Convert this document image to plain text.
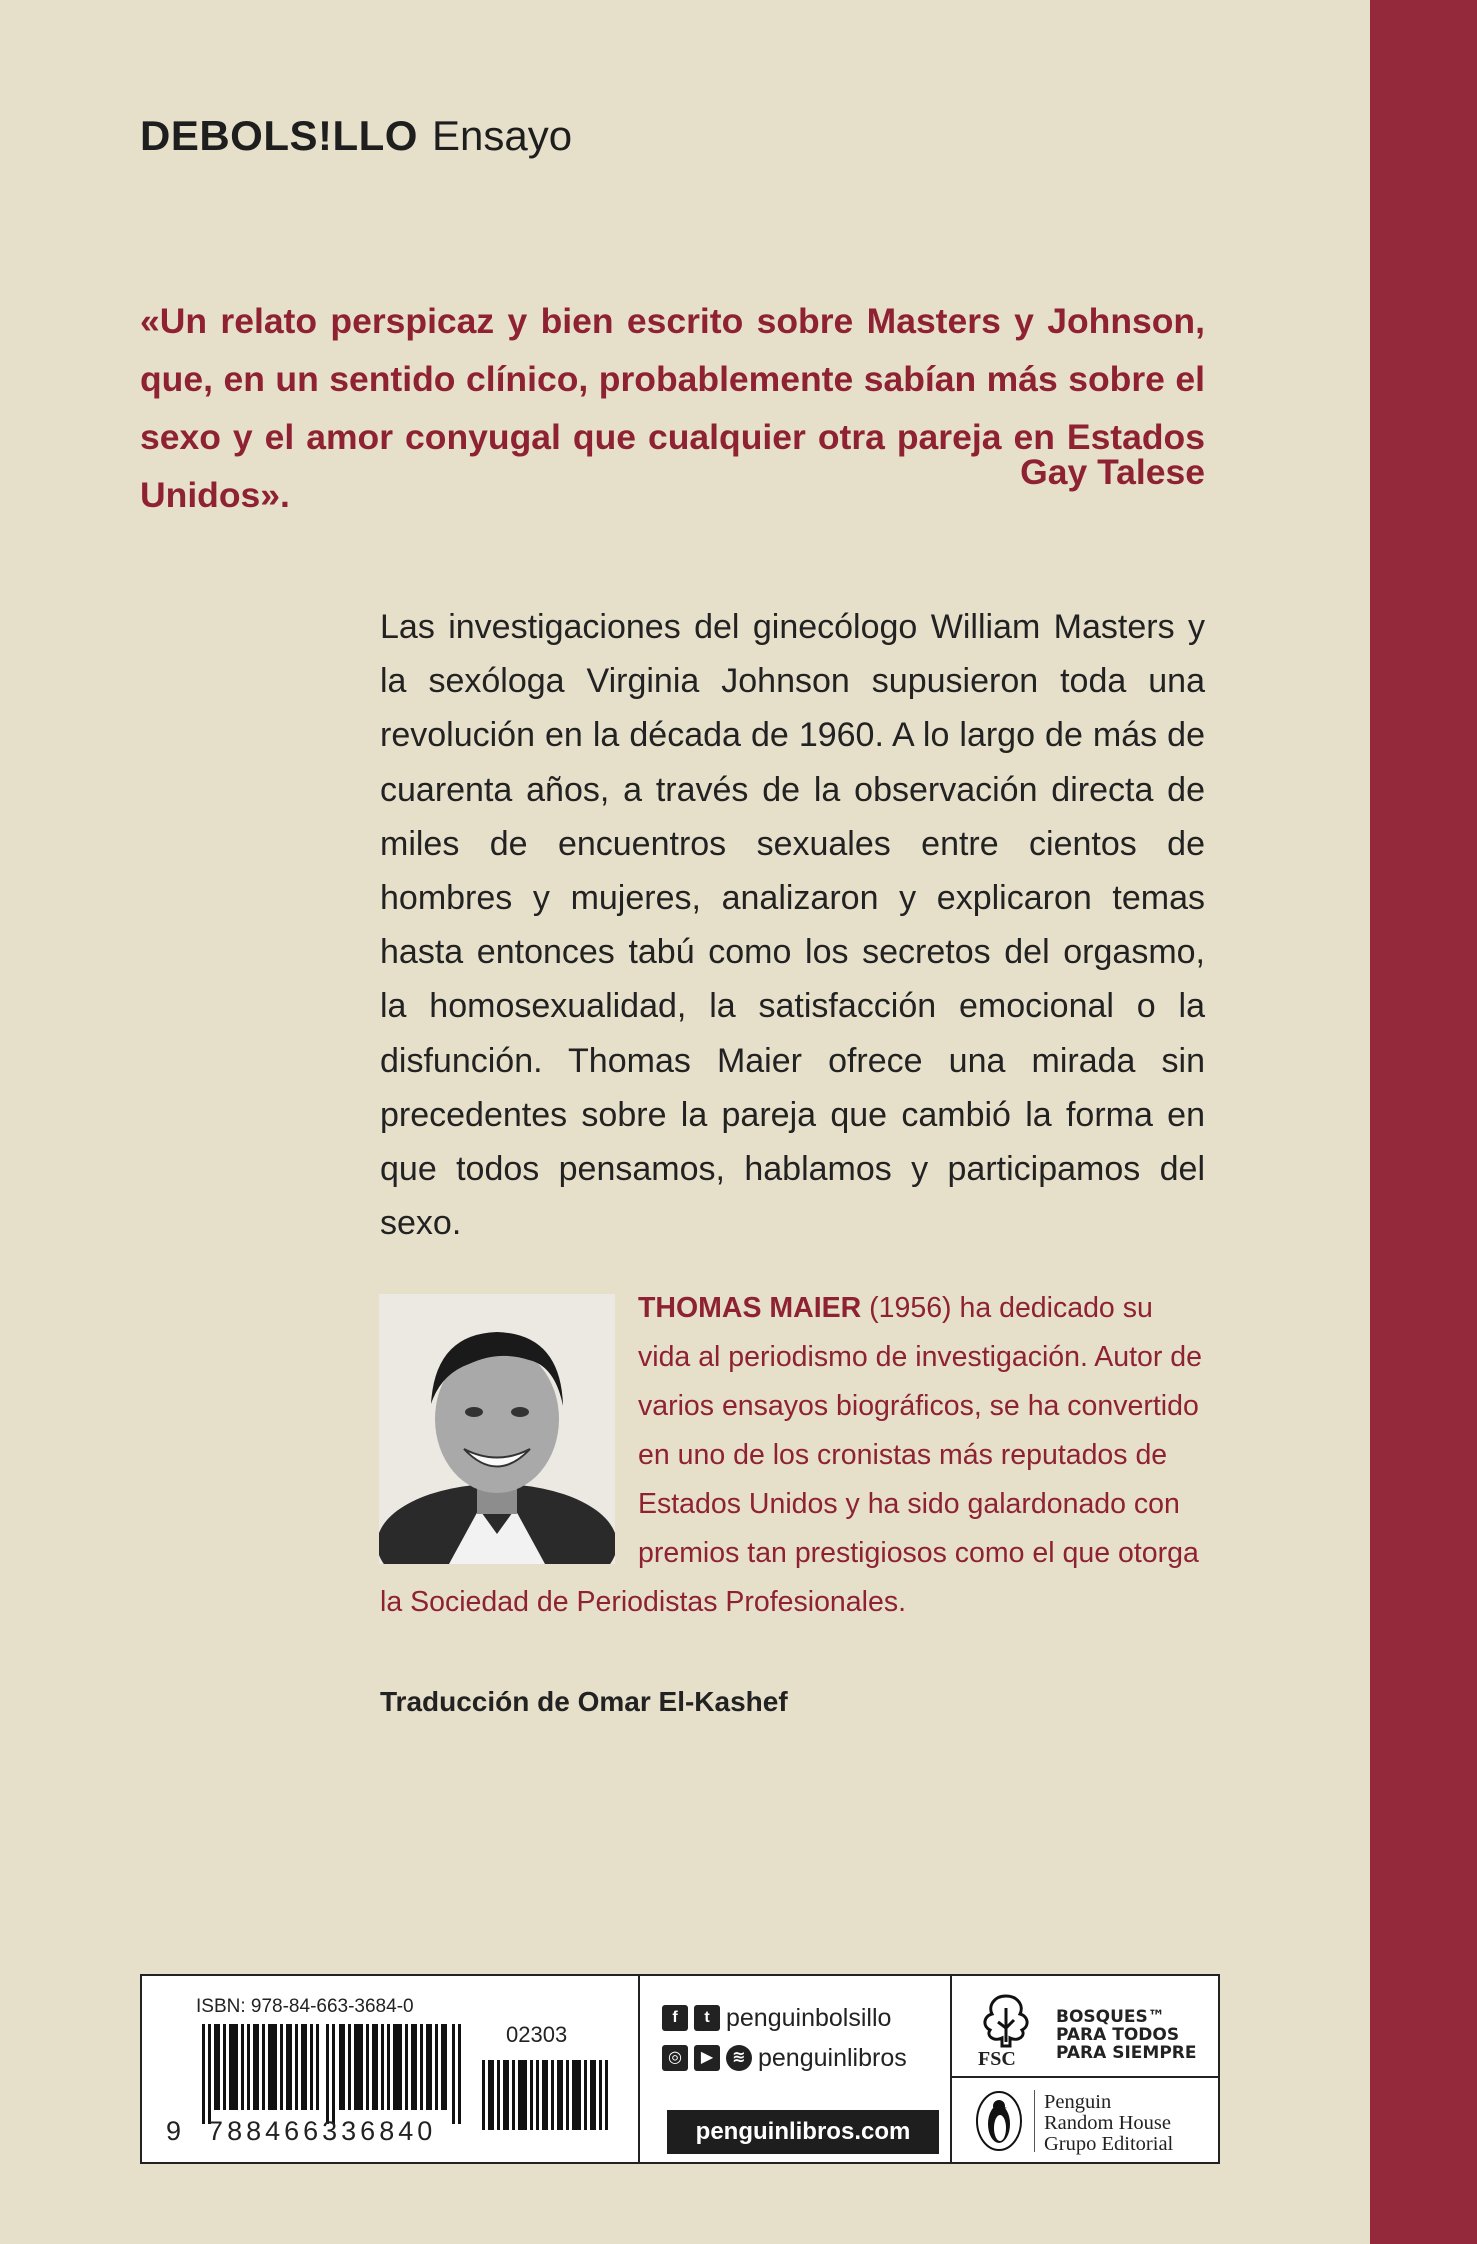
DEBOLS!LLO Ensayo
«Un relato perspicaz y bien escrito sobre Masters y Johnson, que, en un sentido clínico, probablemente sabían más sobre el sexo y el amor conyugal que cualquier otra pareja en Estados Unidos».
Gay Talese
Las investigaciones del ginecólogo William Masters y la sexóloga Virginia Johnson supusieron toda una revolución en la década de 1960. A lo largo de más de cuarenta años, a través de la observación directa de miles de encuentros sexuales entre cientos de hombres y mujeres, analizaron y explicaron temas hasta entonces tabú como los secretos del orgasmo, la homosexualidad, la satisfacción emocional o la disfunción. Thomas Maier ofrece una mirada sin precedentes sobre la pareja que cambió la forma en que todos pensamos, hablamos y participamos del sexo.
THOMAS MAIER (1956) ha dedicado su vida al periodismo de investigación. Autor de varios ensayos biográficos, se ha convertido en uno de los cronistas más reputados de Estados Unidos y ha sido galardonado con premios tan prestigiosos como el que otorga la Sociedad de Periodistas Profesionales.
Traducción de Omar El-Kashef
ISBN: 978-84-663-3684-0
02303
9 788466336840
f	t penguinbolsillo
◎	▶	≋ penguinlibros
penguinlibros.com
FSC
BOSQUES™
PARA TODOS
PARA SIEMPRE
Penguin
Random House
Grupo Editorial
